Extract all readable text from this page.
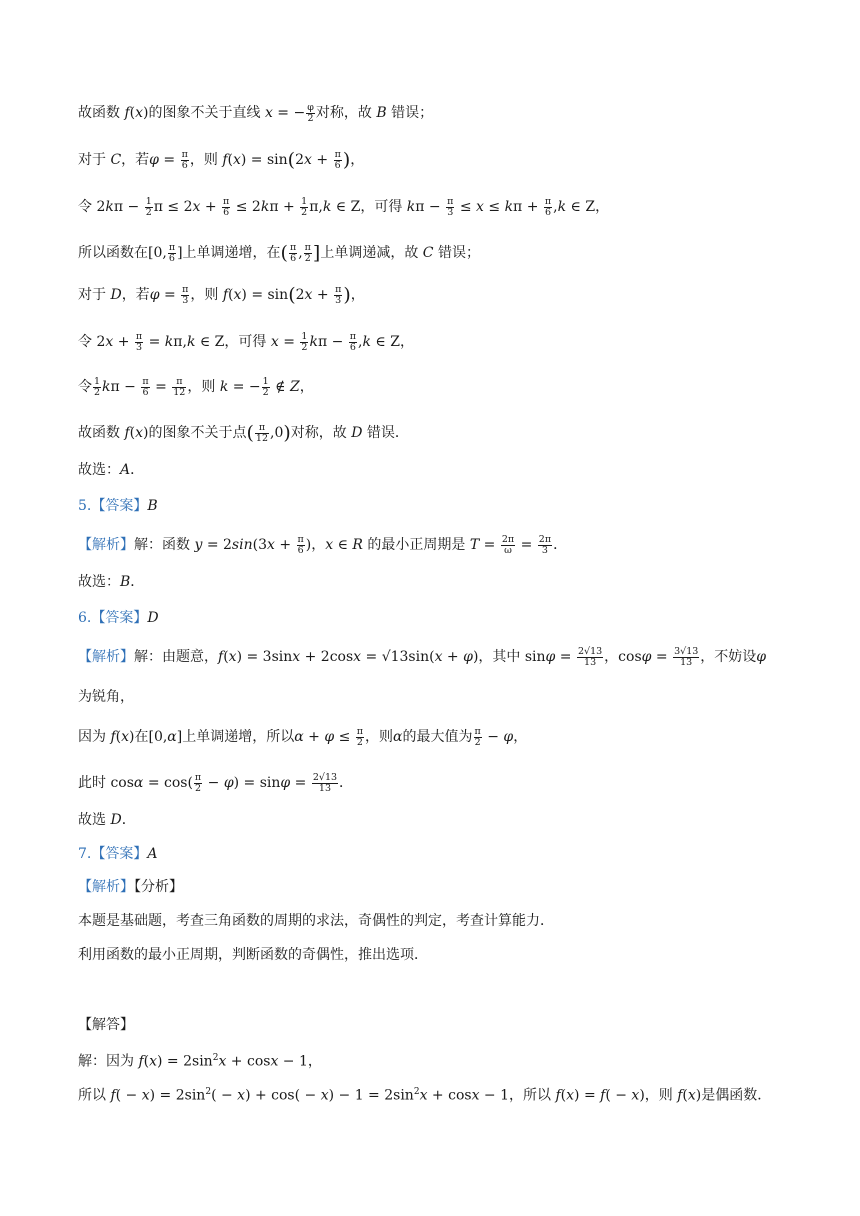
故函数 f(x)的图象不关于直线 x = − $\frac{\varphi}{2}$ 对称，故 B 错误；
对于 C，若$\varphi = \frac{\pi}{6}$ ，则 $f(x) = \sin(2x + \frac{\pi}{6}$ )，
令 $2k\pi - \frac{1}{2}$ $\pi \le 2x + \frac{\pi}{6} \le 2k\pi + \frac{1}{2} \pi,k$ ∈ Z，可得 $k\pi - \frac{\pi}{3} \le x \le k\pi + \frac{\pi}{6} ,k$ ∈ Z，
所以函数在[0, $\frac{\pi}{6}$ ]上单调递增，在( $\frac{\pi}{6}$ , $\frac{\pi}{2}$ ]上单调递减，故 C 错误；
对于 D，若$\varphi = \frac{\pi}{3}$ ，则 $f(x) = \sin(2x + \frac{\pi}{3}$ )，
令 $2x + \frac{\pi}{3} = k\pi,k$ ∈ Z，可得 $x = \frac{1}{2}$ $k\pi - \frac{\pi}{6} ,k$ ∈ Z，
令 $\frac{1}{2}$ $k\pi - \frac{\pi}{6} = \frac{\pi}{12}$ ，则 k = − $\frac{1}{2}$ ∉ Z，
故函数 f(x)的图象不关于点( $\frac{\pi}{12} ,0$)对称，故 D 错误．
故选：A．
5.【答案】B
【解析】解：函数 $y = 2\sin(3x + \frac{\pi}{6}$ )，x ∈ R 的最小正周期是 $T = \frac{2\pi}{\omega} = \frac{2\pi}{3}$ ．
故选：B．
6.【答案】D
【解析】解：由题意，f(x) = 3sinx + 2cosx = √13sin(x + φ)，其中 $\sin\varphi = \frac{2√13}{13}$ ，$\cos\varphi = \frac{3√13}{13}$ ，不妨设φ
为锐角，
因为 f(x)在[0,α]上单调递增，所以$\alpha + \varphi \le \frac{\pi}{2}$ ，则α的最大值为 $\frac{\pi}{2} - \varphi$，
此时 $\cos\alpha = \cos( \frac{\pi}{2} - \varphi) = \sin\varphi = \frac{2√13}{13}$ ．
故选 D．
7.【答案】A
【解析】【分析】
本题是基础题，考查三角函数的周期的求法，奇偶性的判定，考查计算能力．
利用函数的最小正周期，判断函数的奇偶性，推出选项．
【解答】
解：因为 $f(x) = 2\sin^2x + \cos x - 1$，
所以 $f( - x) = 2\sin^2( - x) + \cos( - x) - 1 = 2\sin^2x + \cos x - 1$，所以 f(x) = f( − x)，则 f(x)是偶函数．
